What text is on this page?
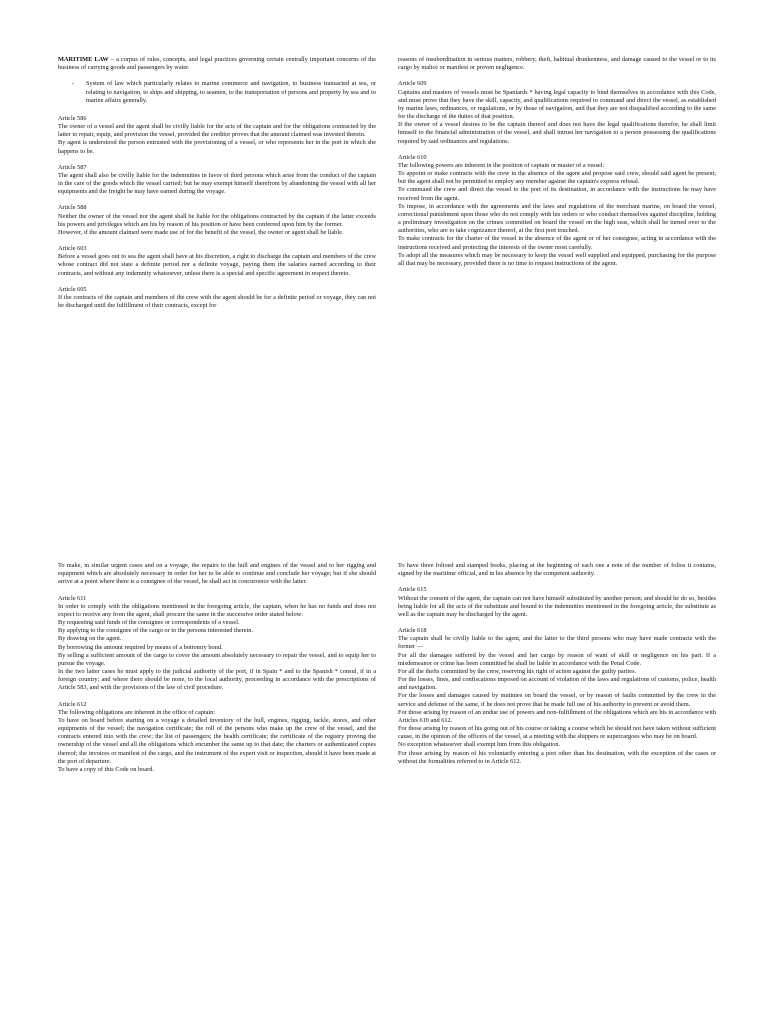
MARITIME LAW – a corpus of rules, concepts, and legal practices governing certain centrally important concerns of the business of carrying goods and passengers by water.

-	System of law which particularly relates to marine commerce and navigation, to business transacted at sea, or relating to navigation, to ships and shipping, to seamen, to the transportation of persons and property by sea and to marine affairs generally.
Article 586

The owner of a vessel and the agent shall be civilly liable for the acts of the captain and for the obligations contracted by the latter to repair, equip, and provision the vessel, provided the creditor proves that the amount claimed was invested therein.

By agent is understood the person entrusted with the provisioning of a vessel, or who represents her in the port in which she happens to be.

Article 587

The agent shall also be civilly liable for the indemnities in favor of third persons which arise from the conduct of the captain in the care of the goods which the vessel carried; but he may exempt himself therefrom by abandoning the vessel with all her equipments and the freight he may have earned during the voyage.

Article 588

Neither the owner of the vessel nor the agent shall be liable for the obligations contracted by the captain if the latter exceeds his powers and privileges which are his by reason of his position or have been conferred upon him by the former.

However, if the amount claimed were made use of for the benefit of the vessel, the owner or agent shall be liable.

Article 603

Before a vessel goes out to sea the agent shall have at his discretion, a right to discharge the captain and members of the crew whose contract did not state a definite period nor a definite voyage, paying them the salaries earned according to their contracts, and without any indemnity whatsoever, unless there is a special and specific agreement in respect thereto.

Article 605

If the contracts of the captain and members of the crew with the agent should be for a definite period or voyage, they can not be discharged until the fulfillment of their contracts, except for

reasons of insubordination in serious matters, robbery, theft, habitual drunkenness, and damage caused to the vessel or to its cargo by malice or manifest or proven negligence.

Article 609

Captains and masters of vessels must be Spaniards * having legal capacity to bind themselves in accordance with this Code, and must prove that they have the skill, capacity, and qualifications required to command and direct the vessel, as established by marine laws, ordinances, or regulations, or by those of navigation, and that they are not disqualified according to the same for the discharge of the duties of that position.

If the owner of a vessel desires to be the captain thereof and does not have the legal qualifications therefor, he shall limit himself to the financial administration of the vessel, and shall intrust her navigation to a person possessing the qualifications required by said ordinances and regulations.

Article 610

The following powers are inherent in the position of captain or master of a vessel:

To appoint or make contracts with the crew in the absence of the agent and propose said crew, should said agent be present; but the agent shall not be permitted to employ any member against the captain's express refusal.

To command the crew and direct the vessel to the port of its destination, in accordance with the instructions he may have received from the agent.

To impose, in accordance with the agreements and the laws and regulations of the merchant marine, on board the vessel, correctional punishment upon those who do not comply with his orders or who conduct themselves against discipline, holding a preliminary investigation on the crimes committed on board the vessel on the high seas, which shall be turned over to the authorities, who are to take cognizance thereof, at the first port touched.

To make contracts for the charter of the vessel in the absence of the agent or of her consignee, acting in accordance with the instructions received and protecting the interests of the owner most carefully.

To adopt all the measures which may be necessary to keep the vessel well supplied and equipped, purchasing for the purpose all that may be necessary, provided there is no time to request instructions of the agent.

To make, in similar urgent cases and on a voyage, the repairs to the hull and engines of the vessel and to her rigging and equipment which are absolutely necessary in order for her to be able to continue and conclude her voyage; but if she should arrive at a point where there is a consignee of the vessel, he shall act in concurrence with the latter.

Article 611

In order to comply with the obligations mentioned in the foregoing article, the captain, when he has no funds and does not expect to receive any from the agent, shall procure the same in the successive order stated below:

By requesting said funds of the consignee or correspondents of a vessel.

By applying to the consignee of the cargo or to the persons interested therein.

By drawing on the agent.

By borrowing the amount required by means of a bottomry bond.

By selling a sufficient amount of the cargo to cover the amount absolutely necessary to repair the vessel, and to equip her to pursue the voyage.

In the two latter cases he must apply to the judicial authority of the port, if in Spain * and to the Spanish * consul, if in a foreign country; and where there should be none, to the local authority, proceeding in accordance with the prescriptions of Article 583, and with the provisions of the law of civil procedure.

Article 612

The following obligations are inherent in the office of captain:

To have on board before starting on a voyage a detailed inventory of the hull, engines, rigging, tackle, stores, and other equipments of the vessel; the navigation certificate; the roll of the persons who make up the crew of the vessel, and the contracts entered into with the crew; the list of passengers; the health certificate; the certificate of the registry proving the ownership of the vessel and all the obligations which encumber the same up to that date; the charters or authenticated copies thereof; the invoices or manifest of the cargo, and the instrument of the expert visit or inspection, should it have been made at the port of departure.

To have a copy of this Code on board.

To have three folioed and stamped books, placing at the beginning of each one a note of the number of folios it contains, signed by the maritime official, and in his absence by the competent authority.

Article 615

Without the consent of the agent, the captain can not have himself substituted by another person; and should he do so, besides being liable for all the acts of the substitute and bound to the indemnities mentioned in the foregoing article, the substitute as well as the captain may be discharged by the agent.

Article 618

The captain shall be civilly liable to the agent, and the latter to the third persons who may have made contracts with the former —

For all the damages suffered by the vessel and her cargo by reason of want of skill or negligence on his part. If a misdemeanor or crime has been committed he shall be liable in accordance with the Penal Code.

For all the thefts committed by the crew, reserving his right of action against the guilty parties.

For the losses, fines, and confiscations imposed on account of violation of the laws and regulations of customs, police, health and navigation.

For the losses and damages caused by mutinies on board the vessel, or by reason of faults committed by the crew in the service and defense of the same, if he does not prove that he made full use of his authority to prevent or avoid them.

For those arising by reason of an undue use of powers and non-fulfillment of the obligations which are his in accordance with Articles 610 and 612.

For those arising by reason of his going out of his course or taking a course which he should not have taken without sufficient cause, in the opinion of the officers of the vessel, at a meeting with the shippers or supercargoes who may be on board.

No exception whatsoever shall exempt him from this obligation.

For those arising by reason of his voluntarily entering a port other than his destination, with the exception of the cases or without the formalities referred to in Article 612.
